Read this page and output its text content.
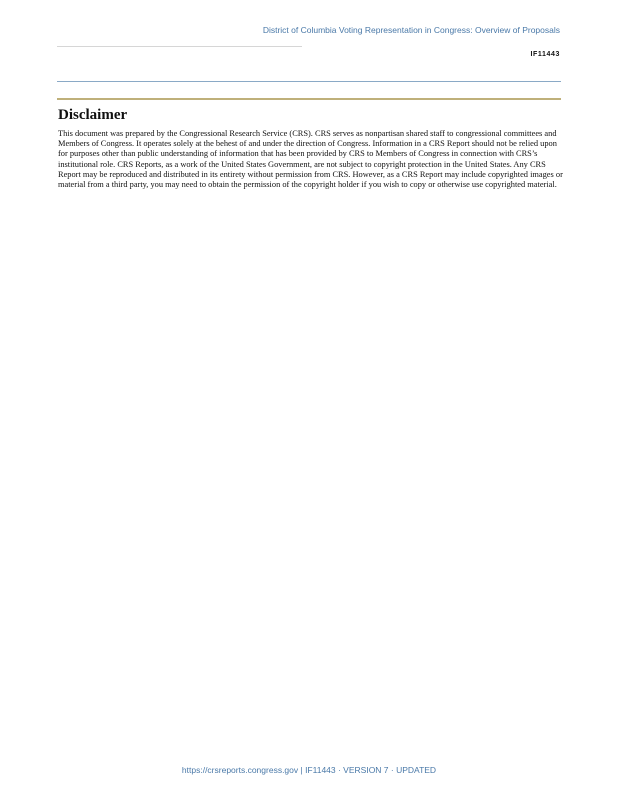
District of Columbia Voting Representation in Congress: Overview of Proposals
IF11443
Disclaimer

This document was prepared by the Congressional Research Service (CRS). CRS serves as nonpartisan shared staff to congressional committees and Members of Congress. It operates solely at the behest of and under the direction of Congress. Information in a CRS Report should not be relied upon for purposes other than public understanding of information that has been provided by CRS to Members of Congress in connection with CRS’s institutional role. CRS Reports, as a work of the United States Government, are not subject to copyright protection in the United States. Any CRS Report may be reproduced and distributed in its entirety without permission from CRS. However, as a CRS Report may include copyrighted images or material from a third party, you may need to obtain the permission of the copyright holder if you wish to copy or otherwise use copyrighted material.

https://crsreports.congress.gov | IF11443 · VERSION 7 · UPDATED
